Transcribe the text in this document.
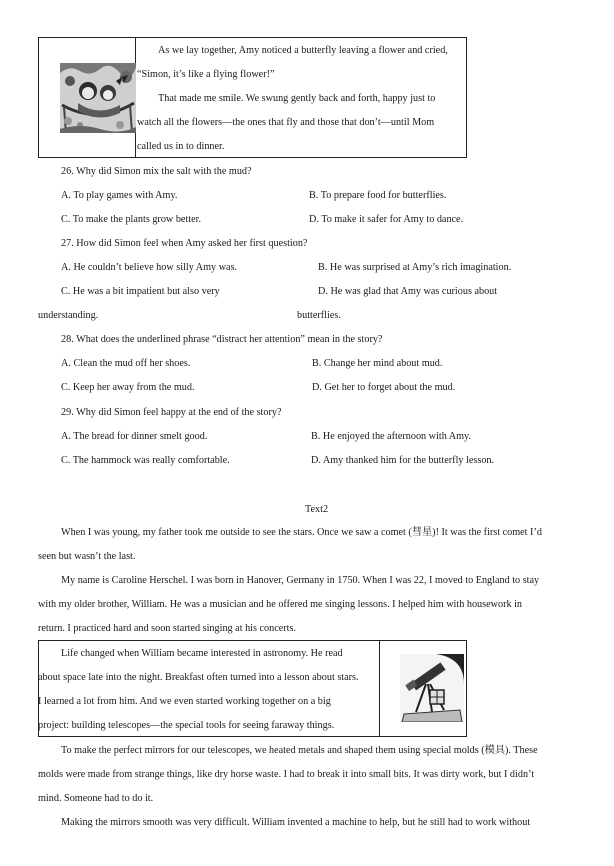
As we lay together, Amy noticed a butterfly leaving a flower and cried,
“Simon, it’s like a flying flower!”
That made me smile. We swung gently back and forth, happy just to
watch all the flowers—the ones that fly and those that don’t—until Mom
called us in to dinner.
26. Why did Simon mix the salt with the mud?
A. To play games with Amy.	B. To prepare food for butterflies.
C. To make the plants grow better.	D. To make it safer for Amy to dance.
27. How did Simon feel when Amy asked her first question?
A. He couldn’t believe how silly Amy was.	B. He was surprised at Amy’s rich imagination.
C. He was a bit impatient but also very	D. He was glad that Amy was curious about
understanding.	butterflies.
28. What does the underlined phrase “distract her attention” mean in the story?
A. Clean the mud off her shoes.	B. Change her mind about mud.
C. Keep her away from the mud.	D. Get her to forget about the mud.
29. Why did Simon feel happy at the end of the story?
A. The bread for dinner smelt good.	B. He enjoyed the afternoon with Amy.
C. The hammock was really comfortable.	D. Amy thanked him for the butterfly lesson.
Text2
When I was young, my father took me outside to see the stars. Once we saw a comet (彗星)! It was the first comet I’d
seen but wasn’t the last.
My name is Caroline Herschel. I was born in Hanover, Germany in 1750. When I was 22, I moved to England to stay
with my older brother, William. He was a musician and he offered me singing lessons. I helped him with housework in
return. I practiced hard and soon started singing at his concerts.
Life changed when William became interested in astronomy. He read
about space late into the night. Breakfast often turned into a lesson about stars.
I learned a lot from him. And we even started working together on a big
project: building telescopes—the special tools for seeing faraway things.
To make the perfect mirrors for our telescopes, we heated metals and shaped them using special molds (模具). These
molds were made from strange things, like dry horse waste. I had to break it into small bits. It was dirty work, but I didn’t
mind. Someone had to do it.
Making the mirrors smooth was very difficult. William invented a machine to help, but he still had to work without
